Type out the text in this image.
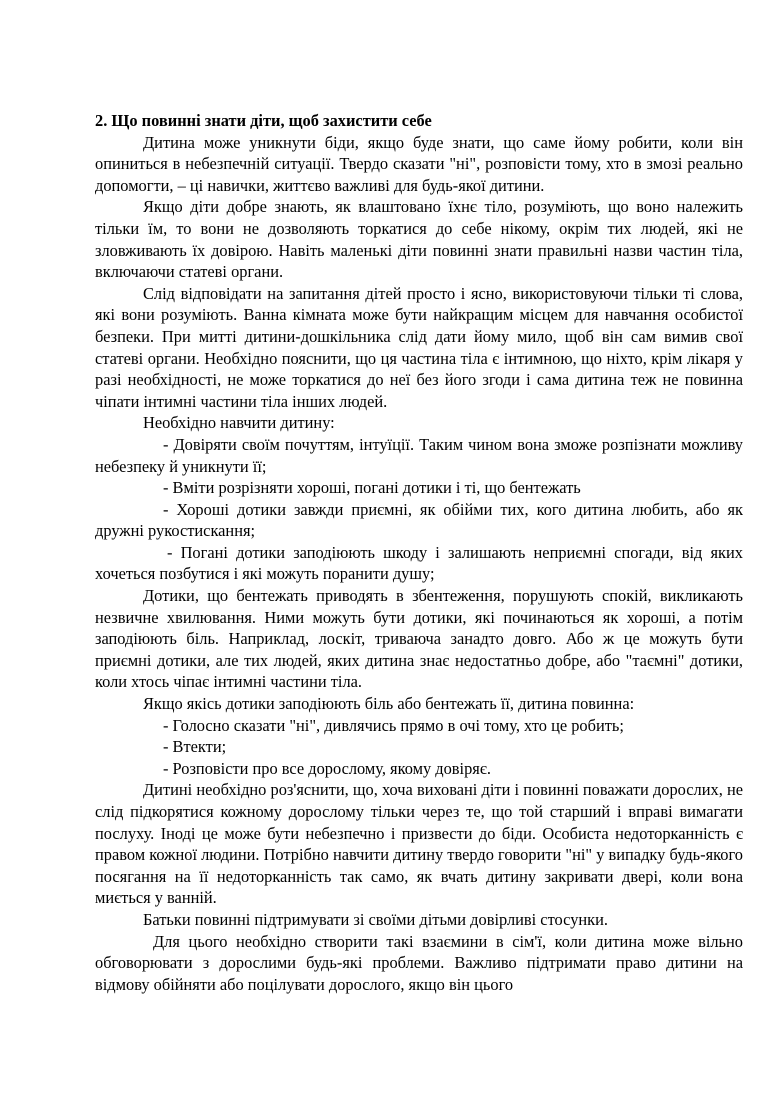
2. Що повинні знати діти, щоб захистити себе

Дитина може уникнути біди, якщо буде знати, що саме йому робити, коли він опиниться в небезпечній ситуації. Твердо сказати "ні", розповісти тому, хто в змозі реально допомогти, – ці навички, життєво важливі для будь-якої дитини.

Якщо діти добре знають, як влаштовано їхнє тіло, розуміють, що воно належить тільки їм, то вони не дозволяють торкатися до себе нікому, окрім тих людей, які не зловживають їх довірою. Навіть маленькі діти повинні знати правильні назви частин тіла, включаючи статеві органи.

Слід відповідати на запитання дітей просто і ясно, використовуючи тільки ті слова, які вони розуміють. Ванна кімната може бути найкращим місцем для навчання особистої безпеки. При митті дитини-дошкільника слід дати йому мило, щоб він сам вимив свої статеві органи. Необхідно пояснити, що ця частина тіла є інтимною, що ніхто, крім лікаря у разі необхідності, не може торкатися до неї без його згоди і сама дитина теж не повинна чіпати інтимні частини тіла інших людей.

Необхідно навчити дитину:

- Довіряти своїм почуттям, інтуїції. Таким чином вона зможе розпізнати можливу небезпеку й уникнути її;

- Вміти розрізняти хороші, погані дотики і ті, що бентежать

- Хороші дотики завжди приємні, як обійми тих, кого дитина любить, або як дружні рукостискання;

- Погані дотики заподіюють шкоду і залишають неприємні спогади, від яких хочеться позбутися і які можуть поранити душу;

Дотики, що бентежать приводять в збентеження, порушують спокій, викликають незвичне хвилювання. Ними можуть бути дотики, які починаються як хороші, а потім заподіюють біль. Наприклад, лоскіт, триваюча занадто довго. Або ж це можуть бути приємні дотики, але тих людей, яких дитина знає недостатньо добре, або "таємні" дотики, коли хтось чіпає інтимні частини тіла.

Якщо якісь дотики заподіюють біль або бентежать її, дитина повинна:

- Голосно сказати "ні", дивлячись прямо в очі тому, хто це робить;

- Втекти;

- Розповісти про все дорослому, якому довіряє.

Дитині необхідно роз'яснити, що, хоча виховані діти і повинні поважати дорослих, не слід підкорятися кожному дорослому тільки через те, що той старший і вправі вимагати послуху. Іноді це може бути небезпечно і призвести до біди. Особиста недоторканність є правом кожної людини. Потрібно навчити дитину твердо говорити "ні" у випадку будь-якого посягання на її недоторканність так само, як вчать дитину закривати двері, коли вона миється у ванній.

Батьки повинні підтримувати зі своїми дітьми довірливі стосунки.

Для цього необхідно створити такі взаємини в сім'ї, коли дитина може вільно обговорювати з дорослими будь-які проблеми. Важливо підтримати право дитини на відмову обійняти або поцілувати дорослого, якщо він цього
